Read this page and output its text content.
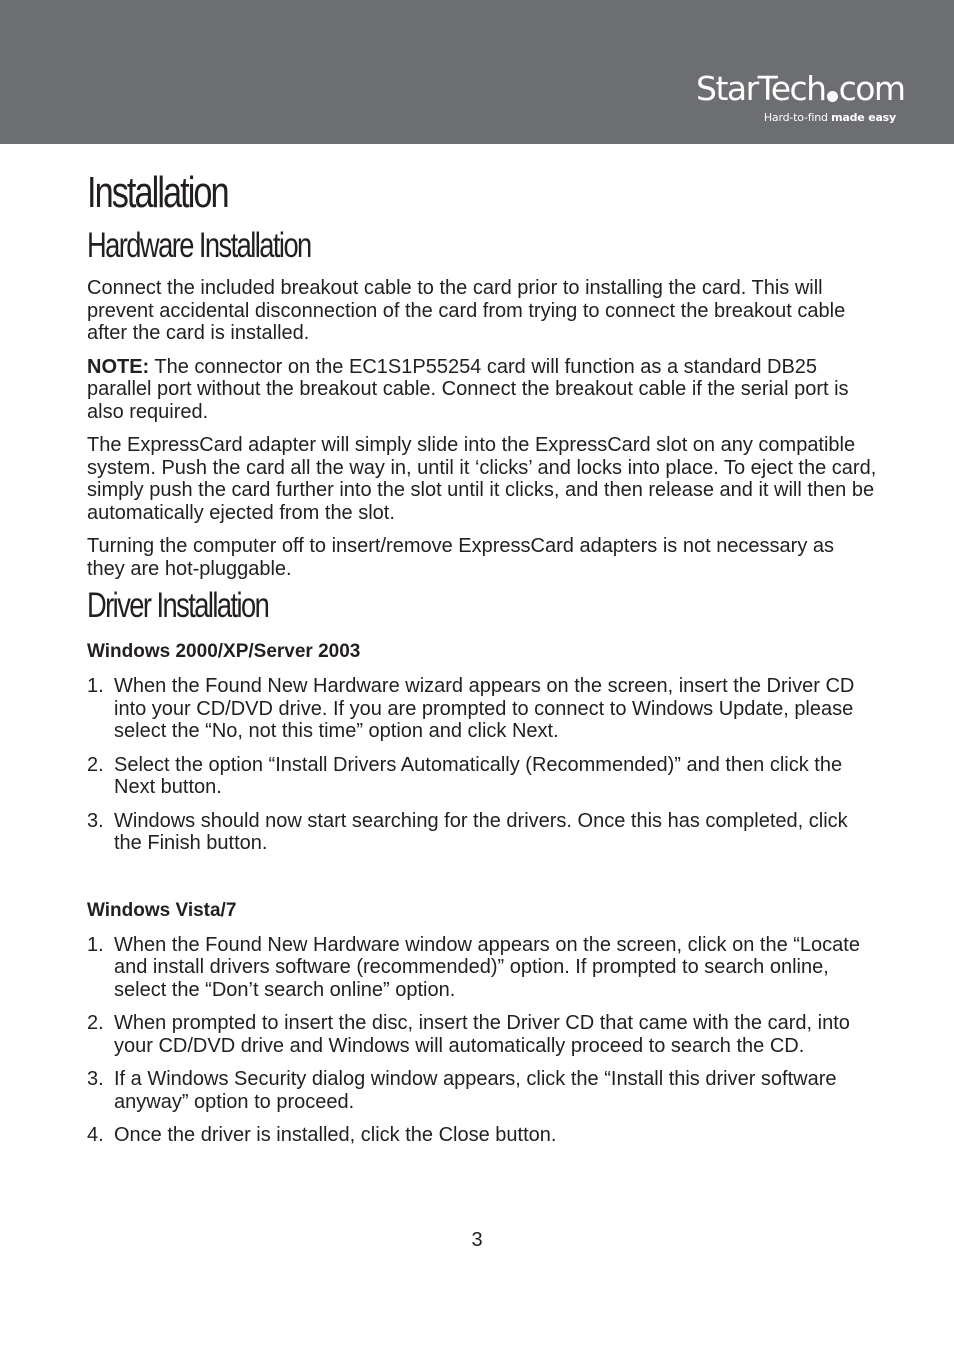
StarTech com
Hard-to-find made easy
Installation
Hardware Installation

Connect the included breakout cable to the card prior to installing the card. This will prevent accidental disconnection of the card from trying to connect the breakout cable after the card is installed.

NOTE: The connector on the EC1S1P55254 card will function as a standard DB25 parallel port without the breakout cable. Connect the breakout cable if the serial port is also required.

The ExpressCard adapter will simply slide into the ExpressCard slot on any compatible system. Push the card all the way in, until it ‘clicks’ and locks into place. To eject the card, simply push the card further into the slot until it clicks, and then release and it will then be automatically ejected from the slot.

Turning the computer off to insert/remove ExpressCard adapters is not necessary as they are hot-pluggable.

Driver Installation
Windows 2000/XP/Server 2003
1. When the Found New Hardware wizard appears on the screen, insert the Driver CD into your CD/DVD drive. If you are prompted to connect to Windows Update, please select the “No, not this time” option and click Next.
2. Select the option “Install Drivers Automatically (Recommended)” and then click the Next button.
3. Windows should now start searching for the drivers. Once this has completed, click the Finish button.
Windows Vista/7
1. When the Found New Hardware window appears on the screen, click on the “Locate and install drivers software (recommended)” option. If prompted to search online, select the “Don’t search online” option.
2. When prompted to insert the disc, insert the Driver CD that came with the card, into your CD/DVD drive and Windows will automatically proceed to search the CD.
3. If a Windows Security dialog window appears, click the “Install this driver software anyway” option to proceed.
4. Once the driver is installed, click the Close button.
3
